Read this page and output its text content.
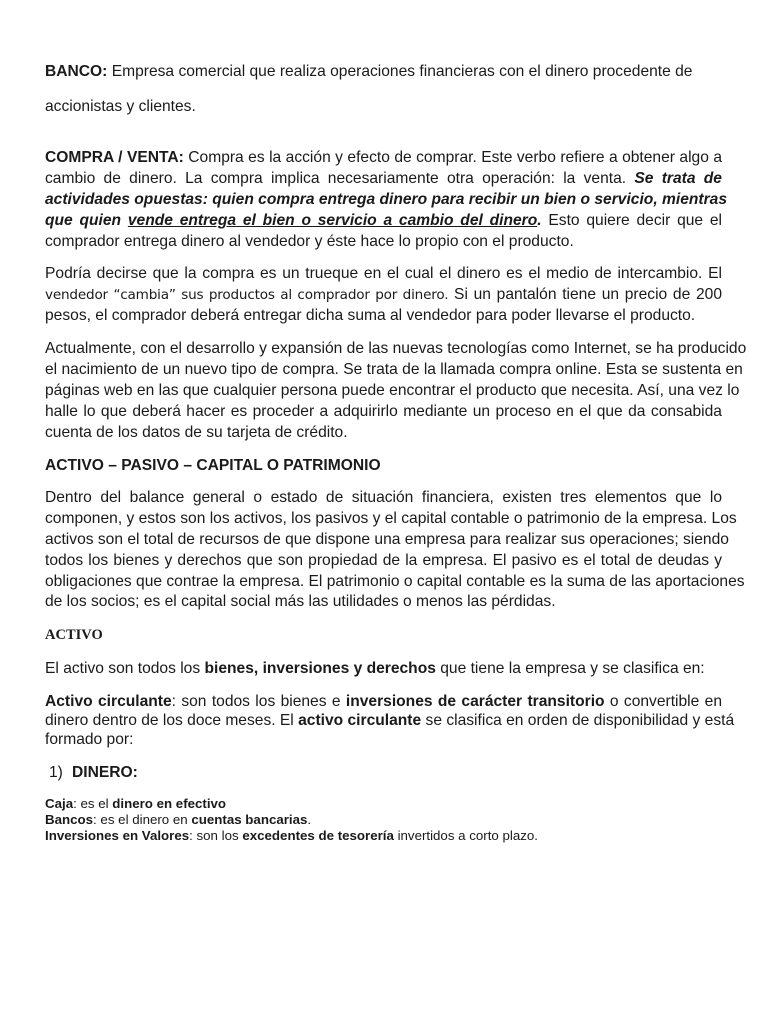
BANCO: Empresa comercial que realiza operaciones financieras con el dinero procedente de
accionistas y clientes.
COMPRA / VENTA: Compra es la acción y efecto de comprar. Este verbo refiere a obtener algo a
cambio de dinero. La compra implica necesariamente otra operación: la venta. Se trata de
actividades opuestas: quien compra entrega dinero para recibir un bien o servicio, mientras
que quien vende entrega el bien o servicio a cambio del dinero. Esto quiere decir que el
comprador entrega dinero al vendedor y éste hace lo propio con el producto.
Podría decirse que la compra es un trueque en el cual el dinero es el medio de intercambio. El
vendedor “cambia” sus productos al comprador por dinero. Si un pantalón tiene un precio de 200
pesos, el comprador deberá entregar dicha suma al vendedor para poder llevarse el producto.
Actualmente, con el desarrollo y expansión de las nuevas tecnologías como Internet, se ha producido
el nacimiento de un nuevo tipo de compra. Se trata de la llamada compra online. Esta se sustenta en
páginas web en las que cualquier persona puede encontrar el producto que necesita. Así, una vez lo
halle lo que deberá hacer es proceder a adquirirlo mediante un proceso en el que da consabida
cuenta de los datos de su tarjeta de crédito.
ACTIVO – PASIVO – CAPITAL O PATRIMONIO
Dentro del balance general o estado de situación financiera, existen tres elementos que lo
componen, y estos son los activos, los pasivos y el capital contable o patrimonio de la empresa. Los
activos son el total de recursos de que dispone una empresa para realizar sus operaciones; siendo
todos los bienes y derechos que son propiedad de la empresa. El pasivo es el total de deudas y
obligaciones que contrae la empresa. El patrimonio o capital contable es la suma de las aportaciones
de los socios; es el capital social más las utilidades o menos las pérdidas.
ACTIVO
El activo son todos los bienes, inversiones y derechos que tiene la empresa y se clasifica en:
Activo circulante: son todos los bienes e inversiones de carácter transitorio o convertible en
dinero dentro de los doce meses. El activo circulante se clasifica en orden de disponibilidad y está
formado por:
1) DINERO:
Caja: es el dinero en efectivo
Bancos: es el dinero en cuentas bancarias.
Inversiones en Valores: son los excedentes de tesorería invertidos a corto plazo.
